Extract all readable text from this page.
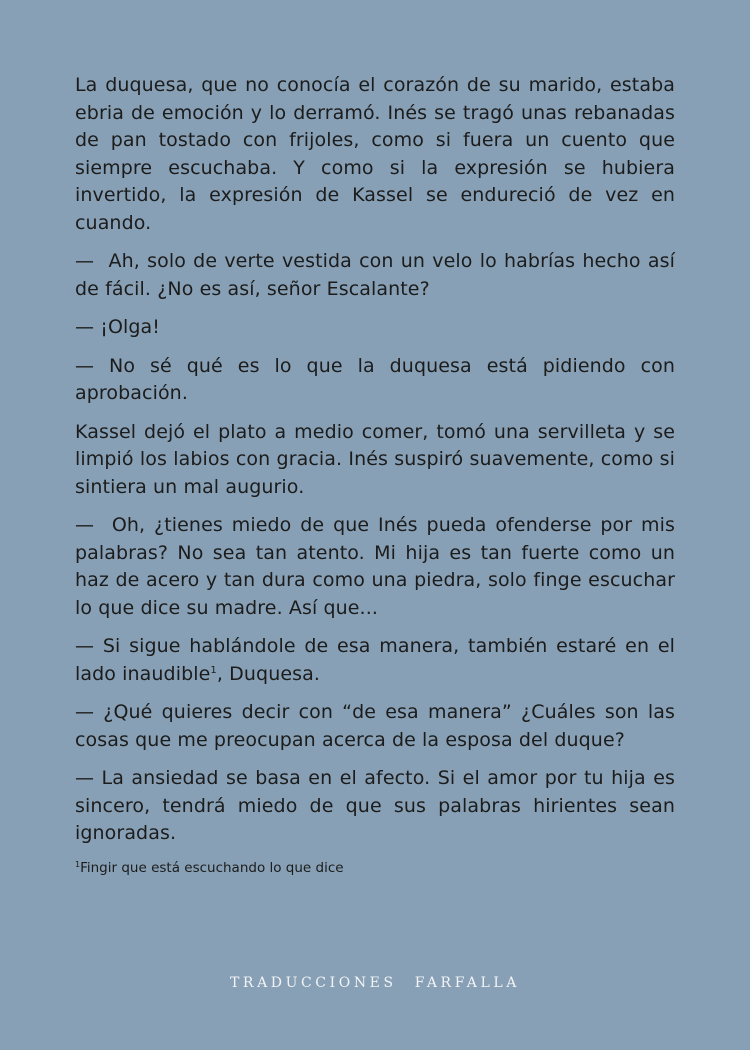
La duquesa, que no conocía el corazón de su marido, estaba ebria de emoción y lo derramó. Inés se tragó unas rebanadas de pan tostado con frijoles, como si fuera un cuento que siempre escuchaba. Y como si la expresión se hubiera invertido, la expresión de Kassel se endureció de vez en cuando.

—  Ah, solo de verte vestida con un velo lo habrías hecho así de fácil. ¿No es así, señor Escalante?

— ¡Olga!

— No sé qué es lo que la duquesa está pidiendo con aprobación.

Kassel dejó el plato a medio comer, tomó una servilleta y se limpió los labios con gracia. Inés suspiró suavemente, como si sintiera un mal augurio.

—  Oh, ¿tienes miedo de que Inés pueda ofenderse por mis palabras? No sea tan atento. Mi hija es tan fuerte como un haz de acero y tan dura como una piedra, solo finge escuchar lo que dice su madre. Así que...

— Si sigue hablándole de esa manera, también estaré en el lado inaudible$^1$, Duquesa.

— ¿Qué quieres decir con “de esa manera” ¿Cuáles son las cosas que me preocupan acerca de la esposa del duque?

— La ansiedad se basa en el afecto. Si el amor por tu hija es sincero, tendrá miedo de que sus palabras hirientes sean ignoradas.

$^1$Fingir que está escuchando lo que dice
TRADUCCIONES FARFALLA
